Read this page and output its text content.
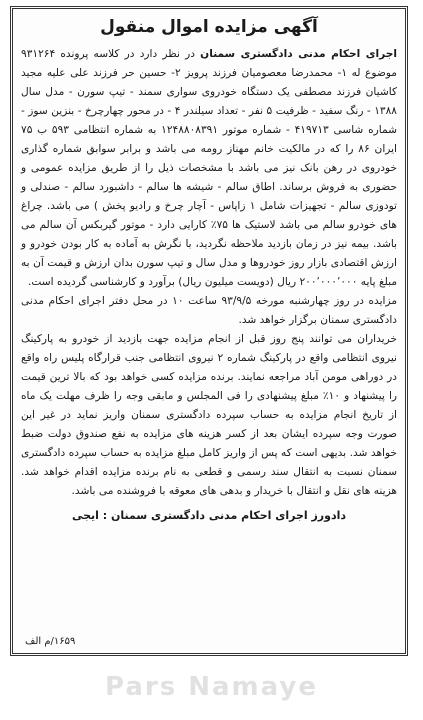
آگهی مزایده اموال منقول

اجرای احکام مدنی دادگستری سمنان در نظر دارد در کلاسه پرونده ۹۳۱۲۶۴ موضوع له ۱- محمدرضا معصومیان فرزند پرویز ۲- حسین حر فرزند علی علیه مجید کاشیان فرزند مصطفی یک دستگاه خودروی سواری سمند - تیپ سورن - مدل سال ۱۳۸۸ - رنگ سفید - ظرفیت ۵ نفر - تعداد سیلندر ۴ - در محور چهارچرخ - بنزین سوز - شماره شاسی ۴۱۹۷۱۳ - شماره موتور ۱۲۴۸۸۰۸۳۹۱ به شماره انتظامی ۵۹۳ ب ۷۵ ایران ۸۶ را که در مالکیت خانم مهناز رومه می باشد و برابر سوابق شماره گذاری خودروی در رهن بانک نیز می باشد با مشخصات ذیل را از طریق مزایده عمومی و حضوری به فروش برساند. اطاق سالم - شیشه ها سالم - داشبورد سالم - صندلی و تودوزی سالم - تجهیزات شامل ۱ زاپاس - آچار چرخ و رادیو پخش ) می باشد. چراغ های خودرو سالم می باشد لاستیک ها ۷۵٪ کارایی دارد - موتور گیربکس آن سالم می باشد. بیمه نیز در زمان بازدید ملاحظه نگردید، با نگرش به آماده به کار بودن خودرو و ارزش اقتصادی بازار روز خودروها و مدل سال و تیپ سورن بدان ارزش و قیمت آن به مبلغ پایه ۲۰۰٬۰۰۰٬۰۰۰ ریال (دویست میلیون ریال) برآورد و کارشناسی گردیده است.

مزایده در روز چهارشنبه مورخه ۹۳/۹/۵ ساعت ۱۰ در محل دفتر اجرای احکام مدنی دادگستری سمنان برگزار خواهد شد.

خریداران می توانند پنج روز قبل از انجام مزایده جهت بازدید از خودرو به پارکینگ نیروی انتظامی واقع در پارکینگ شماره ۲ نیروی انتظامی جنب قرارگاه پلیس راه واقع در دوراهی مومن آباد مراجعه نمایند. برنده مزایده کسی خواهد بود که بالا ترین قیمت را پیشنهاد و ۱۰٪ مبلغ پیشنهادی را فی المجلس و مابقی وجه را ظرف مهلت یک ماه از تاریخ انجام مزایده به حساب سپرده دادگستری سمنان واریز نماید در غیر این صورت وجه سپرده ایشان بعد از کسر هزینه های مزایده به نفع صندوق دولت ضبط خواهد شد. بدیهی است که پس از واریز کامل مبلغ مزایده به حساب سپرده دادگستری سمنان نسبت به انتقال سند رسمی و قطعی به نام برنده مزایده اقدام خواهد شد. هزینه های نقل و انتقال با خریدار و بدهی های معوقه با فروشنده می باشد.

دادورز اجرای احکام مدنی دادگستری سمنان : ایجی
۱۶۵۹/م الف
Pars Namaye
